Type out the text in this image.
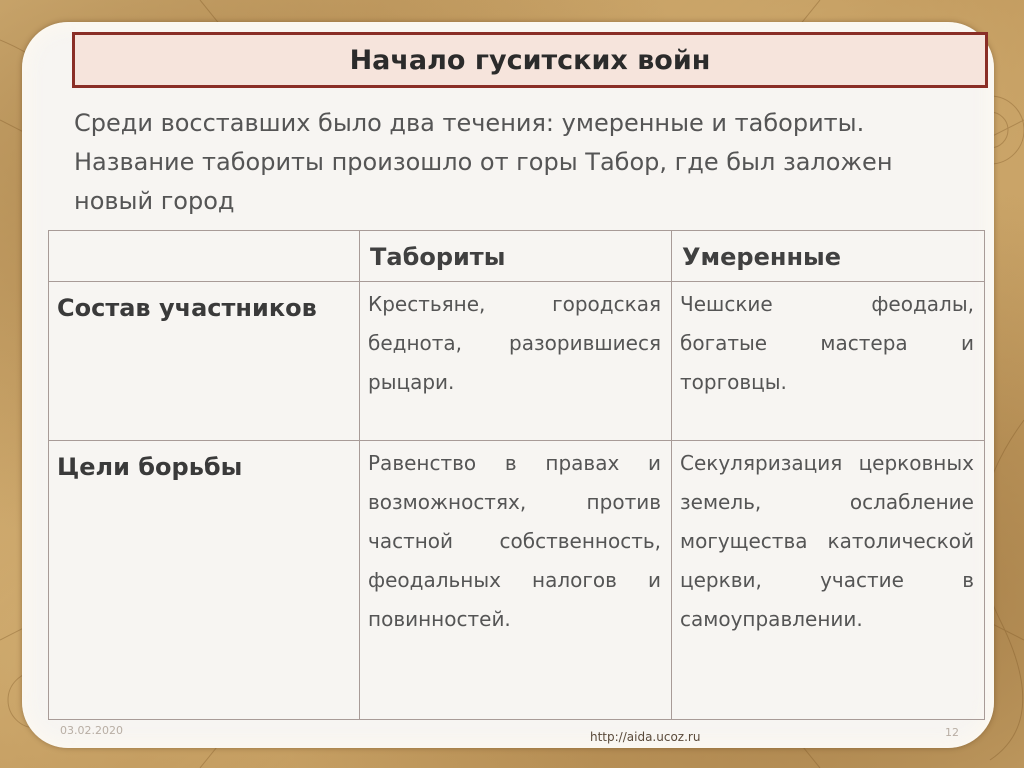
Начало гуситских войн

Среди восставших было два течения: умеренные и табориты.
Название табориты произошло от горы Табор, где был заложен
новый город

	Табориты	Умеренные

Состав участников	Крестьяне, городская беднота, разорившиеся рыцари.	Чешские феодалы, богатые мастера и торговцы.

Цели борьбы	Равенство в правах и возможностях, против частной собственность, феодальных налогов и повинностей.	Секуляризация церковных земель, ослабление могущества католической церкви, участие в самоуправлении.
03.02.2020	http://aida.ucoz.ru	12
